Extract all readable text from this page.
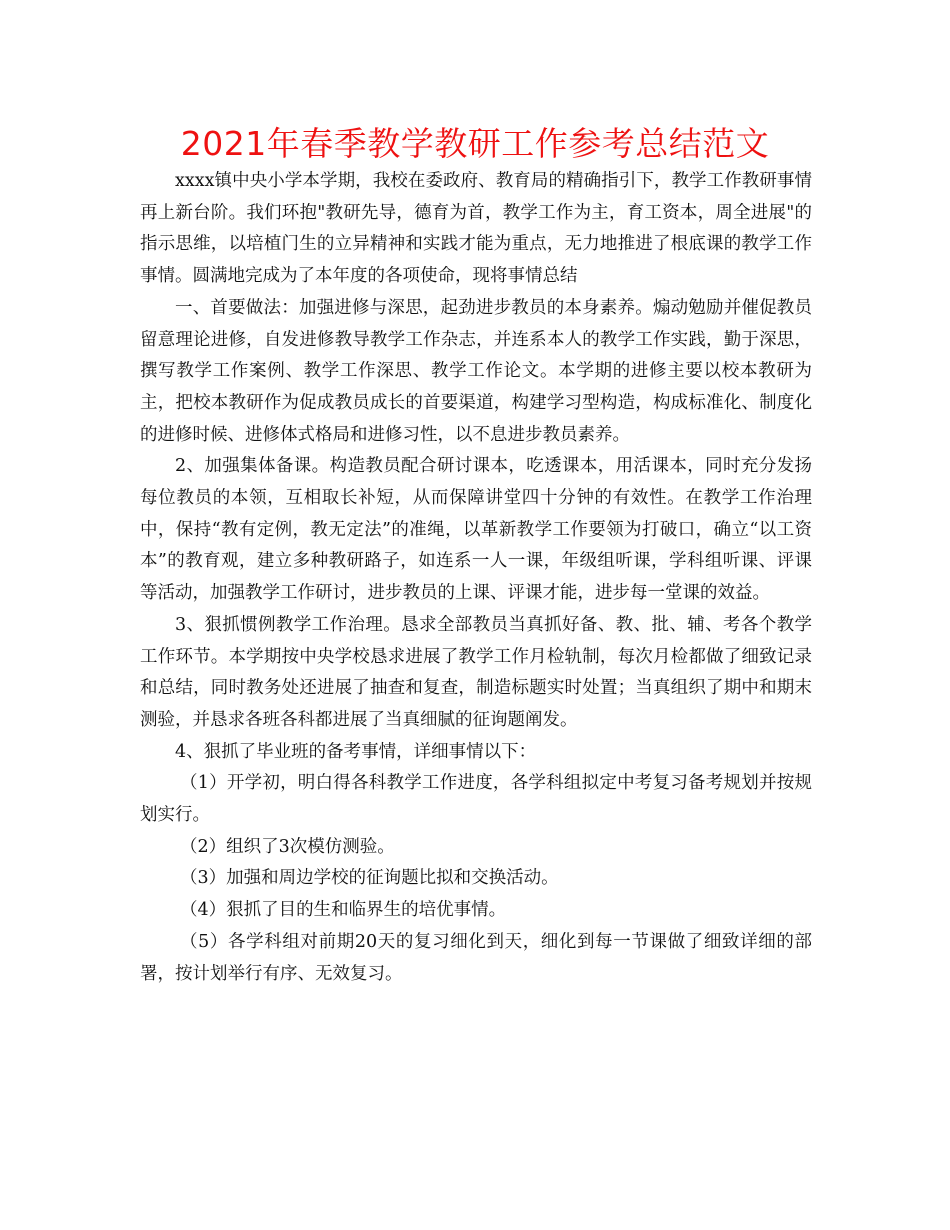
2021年春季教学教研工作参考总结范文

xxxx镇中央小学本学期，我校在委政府、教育局的精确指引下，教学工作教研事情再上新台阶。我们环抱"教研先导，德育为首，教学工作为主，育工资本，周全进展"的指示思维，以培植门生的立异精神和实践才能为重点，无力地推进了根底课的教学工作事情。圆满地完成为了本年度的各项使命，现将事情总结

一、首要做法：加强进修与深思，起劲进步教员的本身素养。煽动勉励并催促教员留意理论进修，自发进修教导教学工作杂志，并连系本人的教学工作实践，勤于深思，撰写教学工作案例、教学工作深思、教学工作论文。本学期的进修主要以校本教研为主，把校本教研作为促成教员成长的首要渠道，构建学习型构造，构成标准化、制度化的进修时候、进修体式格局和进修习性，以不息进步教员素养。

2、加强集体备课。构造教员配合研讨课本，吃透课本，用活课本，同时充分发扬每位教员的本领，互相取长补短，从而保障讲堂四十分钟的有效性。在教学工作治理中，保持“教有定例，教无定法”的准绳，以革新教学工作要领为打破口，确立“以工资本”的教育观，建立多种教研路子，如连系一人一课，年级组听课，学科组听课、评课等活动，加强教学工作研讨，进步教员的上课、评课才能，进步每一堂课的效益。

3、狠抓惯例教学工作治理。恳求全部教员当真抓好备、教、批、辅、考各个教学工作环节。本学期按中央学校恳求进展了教学工作月检轨制，每次月检都做了细致记录和总结，同时教务处还进展了抽查和复查，制造标题实时处置；当真组织了期中和期末测验，并恳求各班各科都进展了当真细腻的征询题阐发。

4、狠抓了毕业班的备考事情，详细事情以下：

（1）开学初，明白得各科教学工作进度，各学科组拟定中考复习备考规划并按规划实行。

（2）组织了3次模仿测验。

（3）加强和周边学校的征询题比拟和交换活动。

（4）狠抓了目的生和临界生的培优事情。

（5）各学科组对前期20天的复习细化到天，细化到每一节课做了细致详细的部署，按计划举行有序、无效复习。
